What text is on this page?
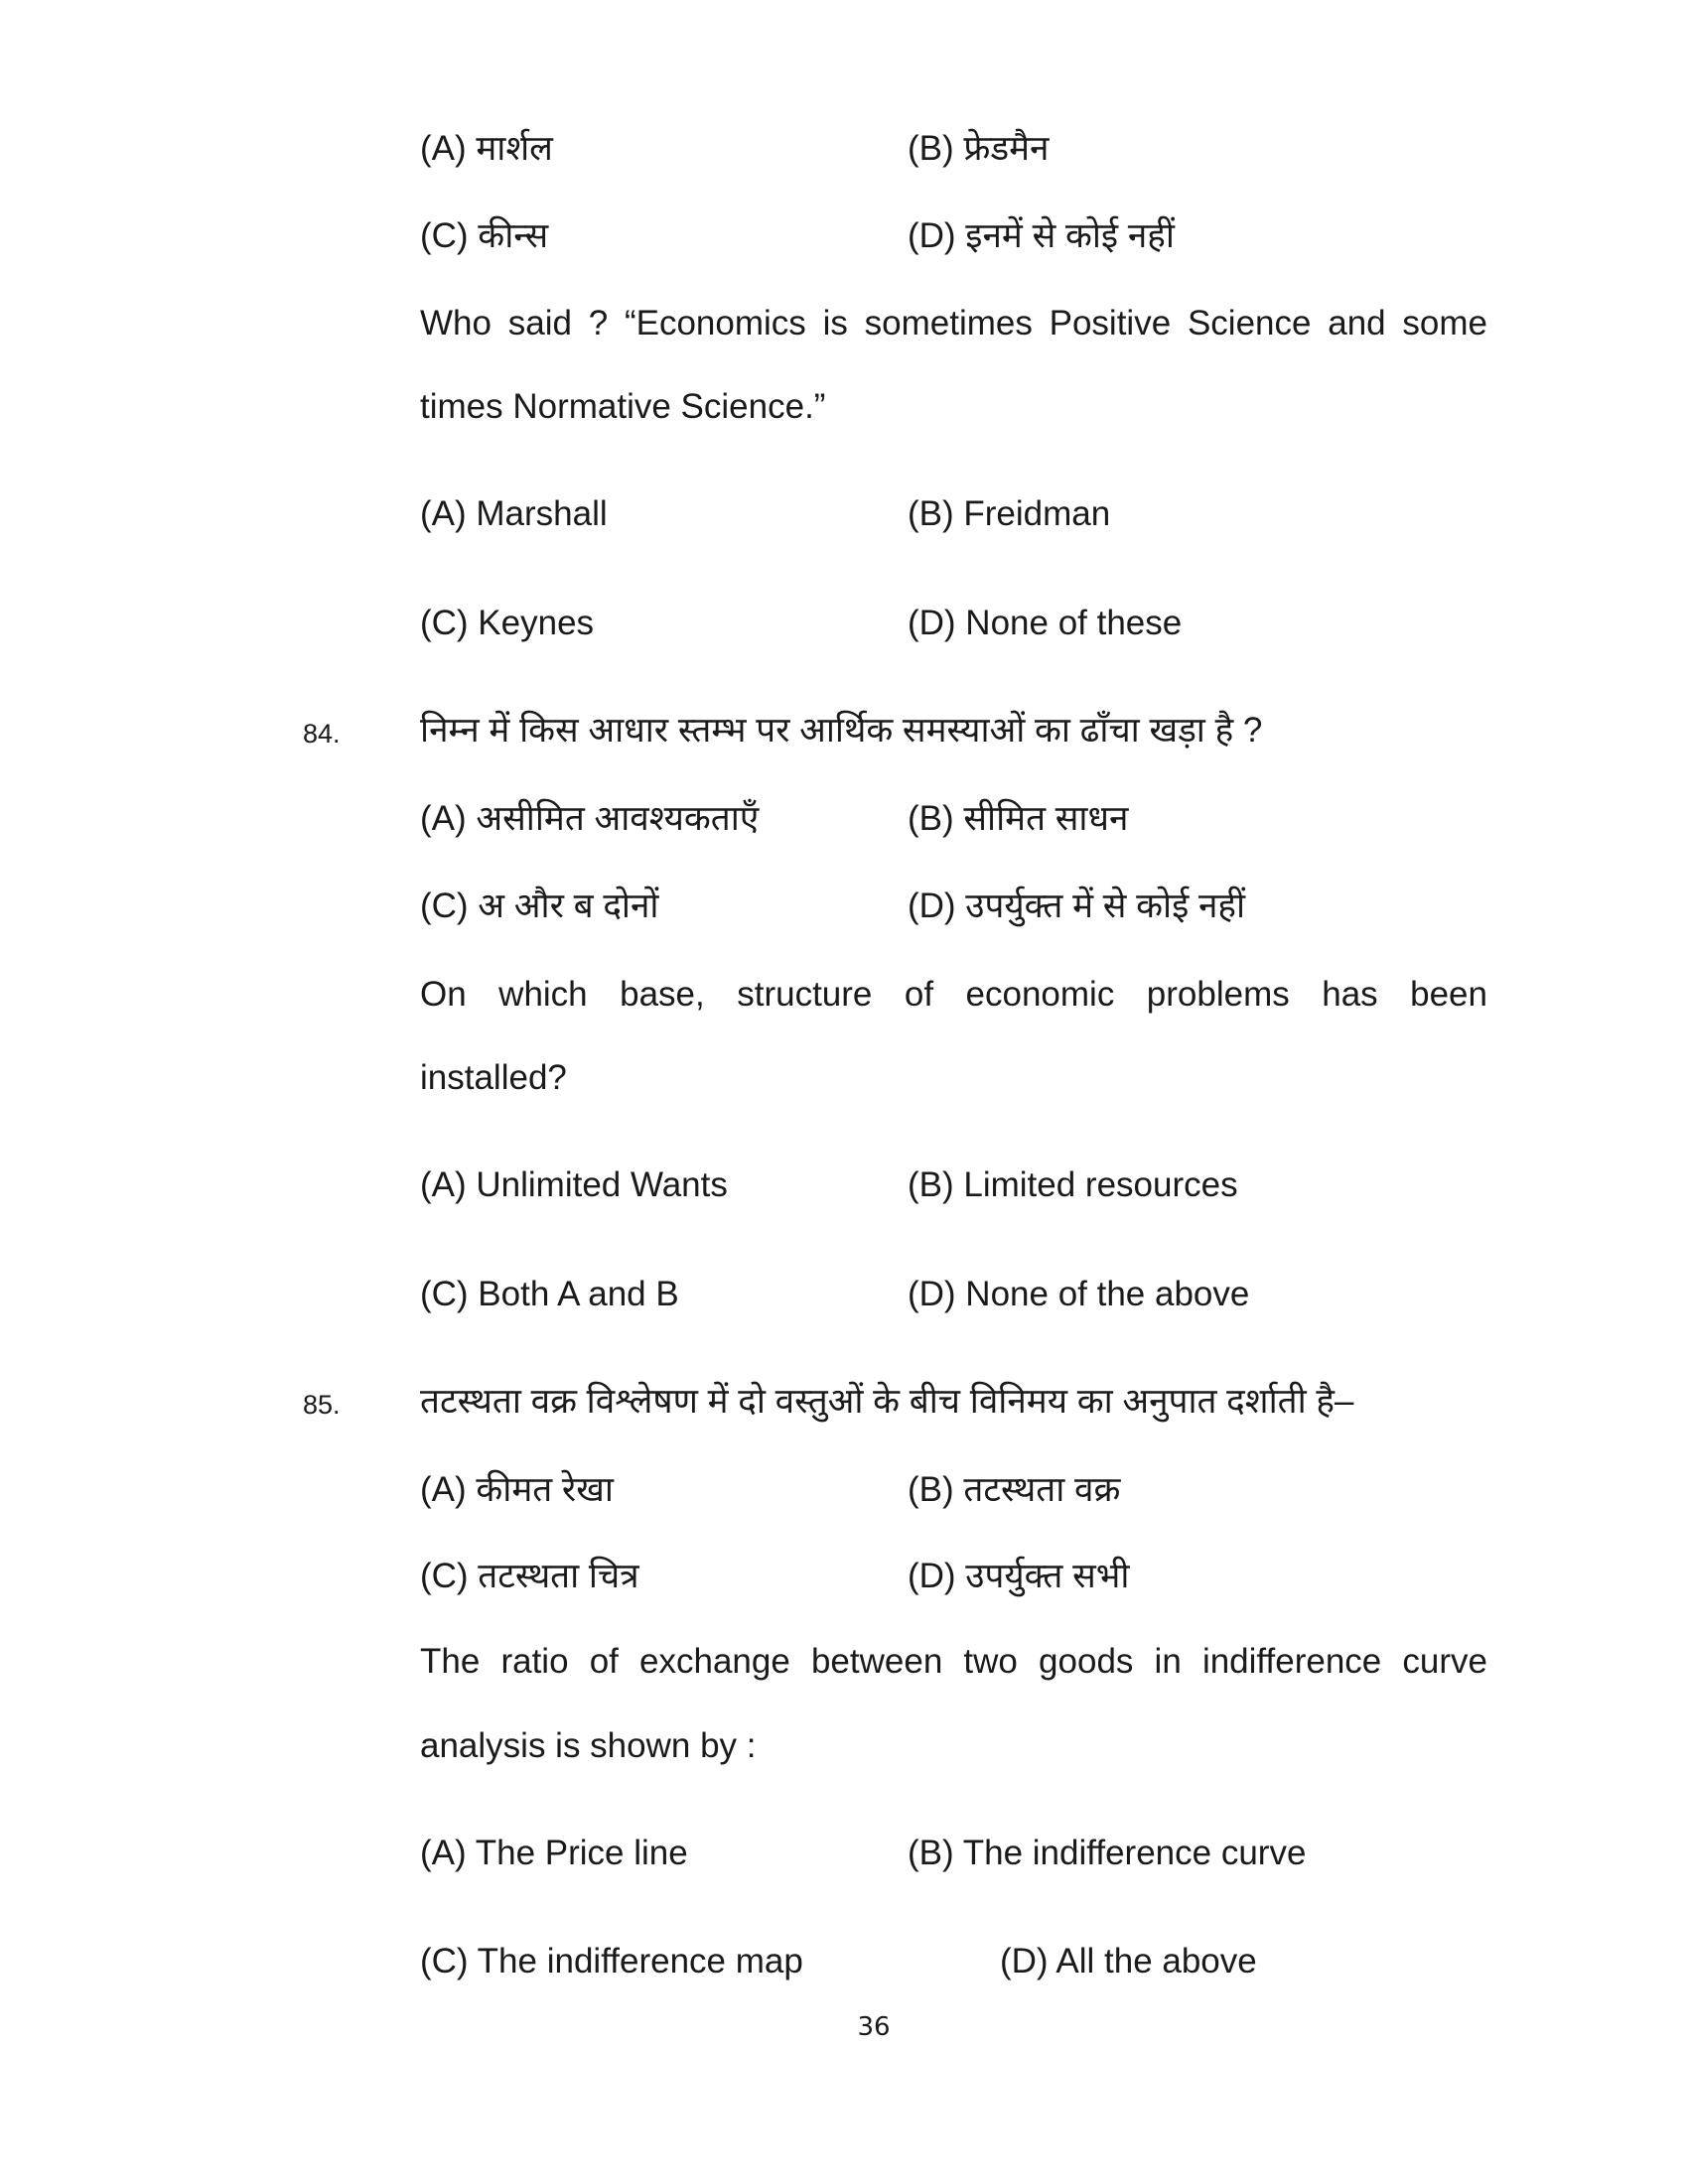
(A) मार्शल	(B) फ्रेडमैन
(C) कीन्स	(D) इनमें से कोई नहीं
Who said ? “Economics is sometimes Positive Science and some
times Normative Science.”
(A) Marshall	(B) Freidman
(C) Keynes	(D) None of these
84. निम्न में किस आधार स्तम्भ पर आर्थिक समस्याओं का ढाँचा खड़ा है ?
(A) असीमित आवश्यकताएँ	(B) सीमित साधन
(C) अ और ब दोनों	(D) उपर्युक्त में से कोई नहीं
On which base, structure of economic problems has been
installed?
(A) Unlimited Wants	(B) Limited resources
(C) Both A and B	(D) None of the above
85. तटस्थता वक्र विश्लेषण में दो वस्तुओं के बीच विनिमय का अनुपात दर्शाती है–
(A) कीमत रेखा	(B) तटस्थता वक्र
(C) तटस्थता चित्र	(D) उपर्युक्त सभी
The ratio of exchange between two goods in indifference curve
analysis is shown by :
(A) The Price line	(B) The indifference curve
(C) The indifference map	(D) All the above
36
